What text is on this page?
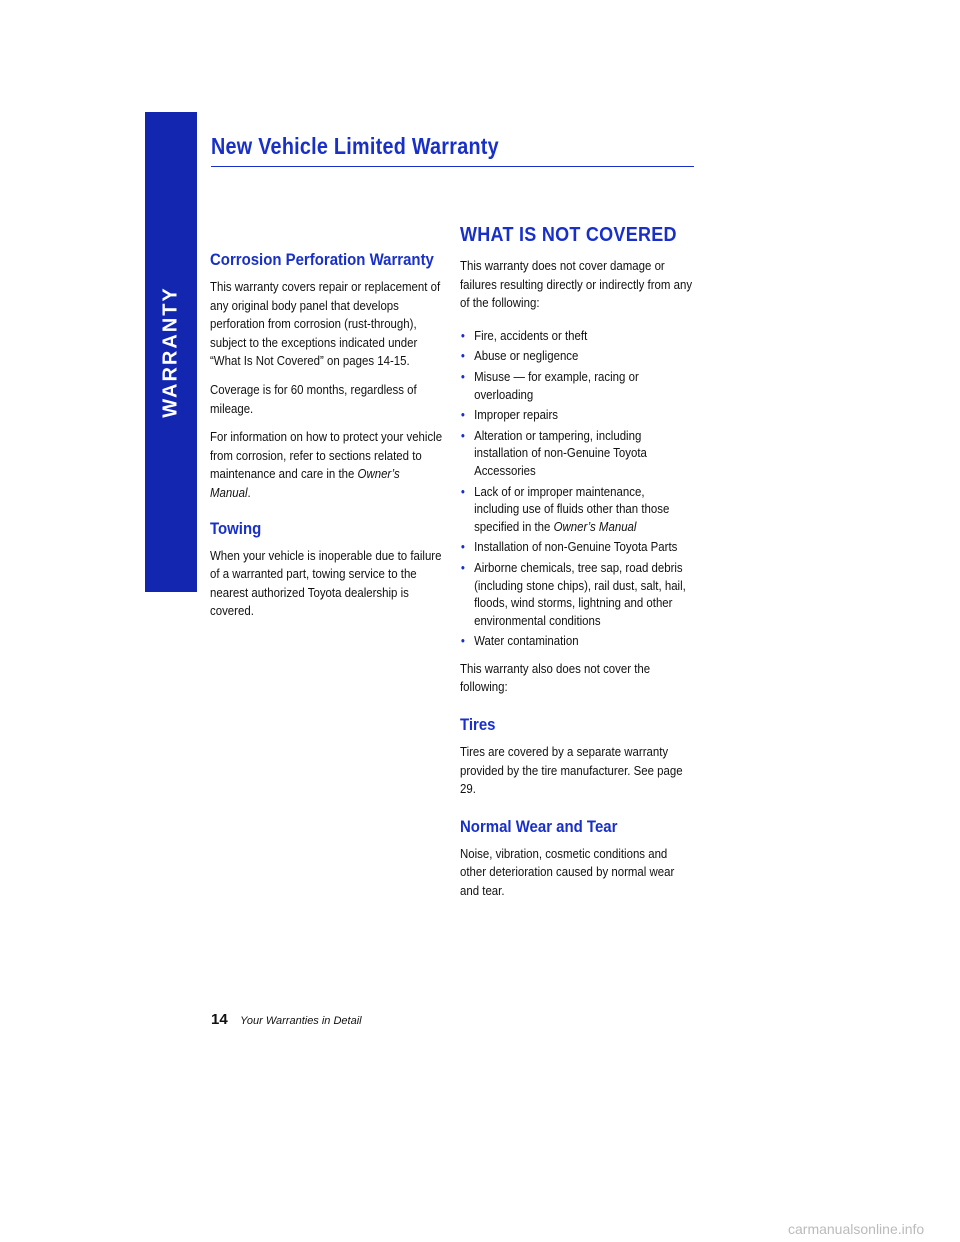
WARRANTY
New Vehicle Limited Warranty
Corrosion Perforation Warranty

This warranty covers repair or replacement of any original body panel that develops perforation from corrosion (rust-through), subject to the exceptions indicated under “What Is Not Covered” on pages 14-15.

Coverage is for 60 months, regardless of mileage.

For information on how to protect your vehicle from corrosion, refer to sections related to maintenance and care in the Owner’s Manual.

Towing

When your vehicle is inoperable due to failure of a warranted part, towing service to the nearest authorized Toyota dealership is covered.

WHAT IS NOT COVERED

This warranty does not cover damage or failures resulting directly or indirectly from any of the following:

• Fire, accidents or theft
• Abuse or negligence
• Misuse — for example, racing or overloading
• Improper repairs
• Alteration or tampering, including installation of non-Genuine Toyota Accessories
• Lack of or improper maintenance, including use of fluids other than those specified in the Owner’s Manual
• Installation of non-Genuine Toyota Parts
• Airborne chemicals, tree sap, road debris (including stone chips), rail dust, salt, hail, floods, wind storms, lightning and other environmental conditions
• Water contamination

This warranty also does not cover the following:

Tires

Tires are covered by a separate warranty provided by the tire manufacturer. See page 29.

Normal Wear and Tear

Noise, vibration, cosmetic conditions and other deterioration caused by normal wear and tear.

14 Your Warranties in Detail
carmanualsonline.info
